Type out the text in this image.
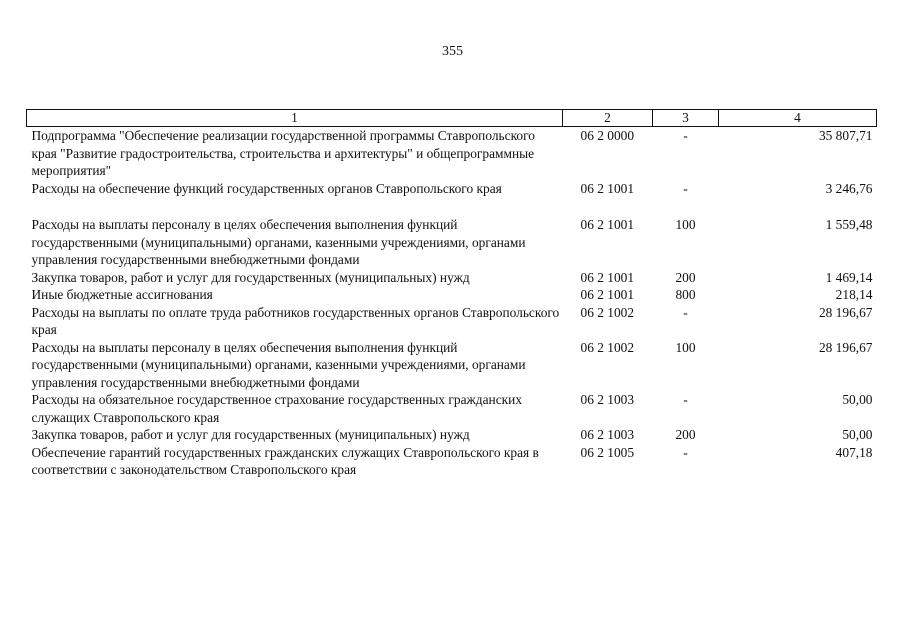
355
1	2	3	4
Подпрограмма "Обеспечение реализации государственной программы Ставропольского края "Развитие градостроительства, строительства и архитектуры" и общепрограммные мероприятия"	06 2 0000	-	35 807,71
Расходы на обеспечение функций государственных органов Ставропольского края	06 2 1001	-	3 246,76
Расходы на выплаты персоналу в целях обеспечения выполнения функций государственными (муниципальными) органами, казенными учреждениями, органами управления государственными внебюджетными фондами	06 2 1001	100	1 559,48
Закупка товаров, работ и услуг для государственных (муниципальных) нужд	06 2 1001	200	1 469,14
Иные бюджетные ассигнования	06 2 1001	800	218,14
Расходы на выплаты по оплате труда работников государственных органов Ставропольского края	06 2 1002	-	28 196,67
Расходы на выплаты персоналу в целях обеспечения выполнения функций государственными (муниципальными) органами, казенными учреждениями, органами управления государственными внебюджетными фондами	06 2 1002	100	28 196,67
Расходы на обязательное государственное страхование государственных гражданских служащих Ставропольского края	06 2 1003	-	50,00
Закупка товаров, работ и услуг для государственных (муниципальных) нужд	06 2 1003	200	50,00
Обеспечение гарантий государственных гражданских служащих Ставропольского края в соответствии с законодательством Ставропольского края	06 2 1005	-	407,18
